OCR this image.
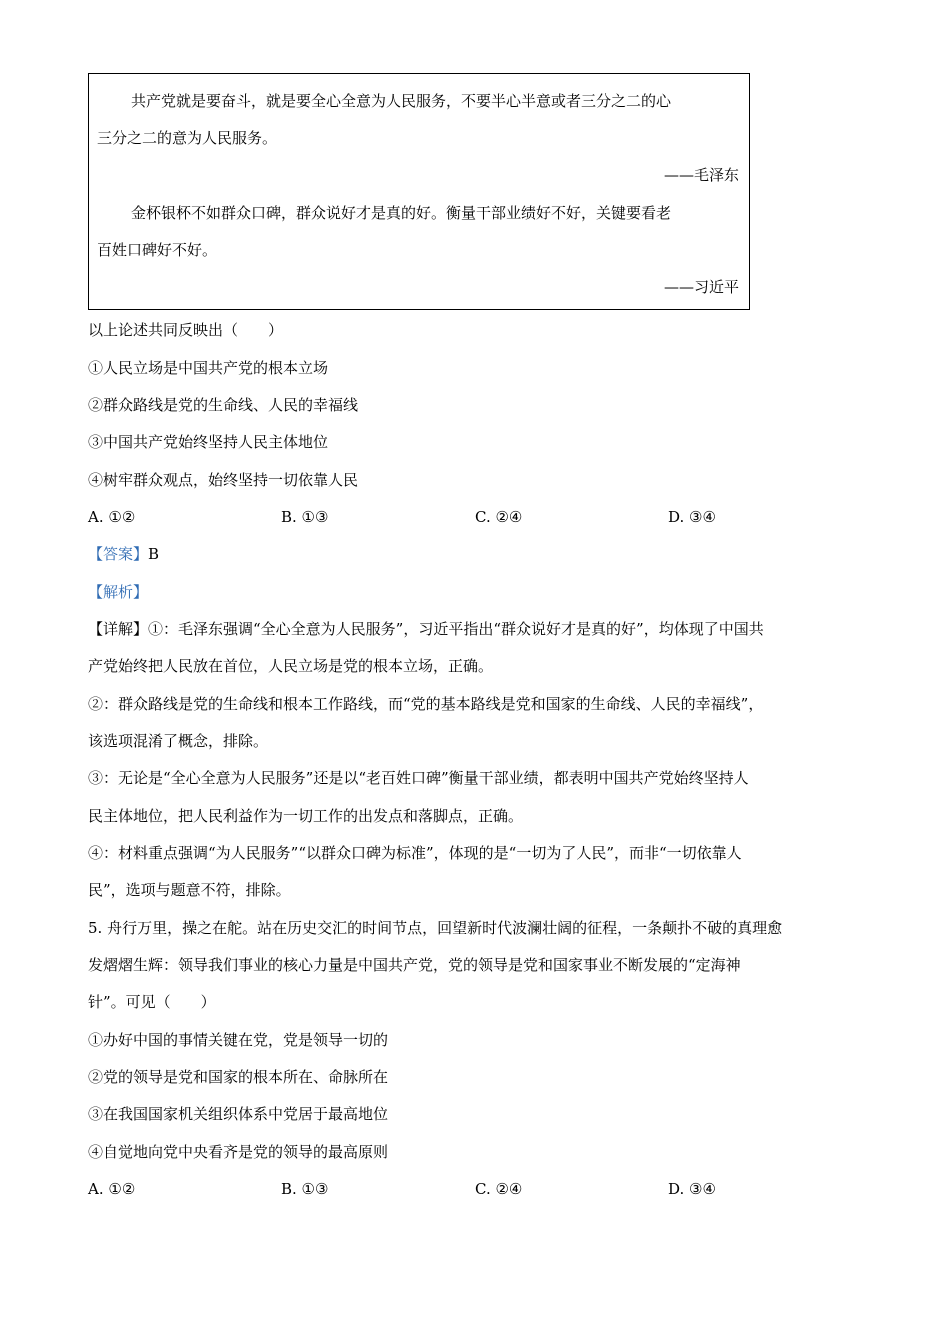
共产党就是要奋斗，就是要全心全意为人民服务，不要半心半意或者三分之二的心
三分之二的意为人民服务。
——毛泽东
金杯银杯不如群众口碑，群众说好才是真的好。衡量干部业绩好不好，关键要看老
百姓口碑好不好。
——习近平
以上论述共同反映出（　　）
①人民立场是中国共产党的根本立场
②群众路线是党的生命线、人民的幸福线
③中国共产党始终坚持人民主体地位
④树牢群众观点，始终坚持一切依靠人民
A. ①②	B. ①③	C. ②④	D. ③④
【答案】B
【解析】
【详解】①：毛泽东强调“全心全意为人民服务”，习近平指出“群众说好才是真的好”，均体现了中国共
产党始终把人民放在首位，人民立场是党的根本立场，正确。
②：群众路线是党的生命线和根本工作路线，而“党的基本路线是党和国家的生命线、人民的幸福线”，
该选项混淆了概念，排除。
③：无论是“全心全意为人民服务”还是以“老百姓口碑”衡量干部业绩，都表明中国共产党始终坚持人
民主体地位，把人民利益作为一切工作的出发点和落脚点，正确。
④：材料重点强调“为人民服务”“以群众口碑为标准”，体现的是“一切为了人民”，而非“一切依靠人
民”，选项与题意不符，排除。
5. 舟行万里，操之在舵。站在历史交汇的时间节点，回望新时代波澜壮阔的征程，一条颠扑不破的真理愈
发熠熠生辉：领导我们事业的核心力量是中国共产党，党的领导是党和国家事业不断发展的“定海神
针”。可见（　　）
①办好中国的事情关键在党，党是领导一切的
②党的领导是党和国家的根本所在、命脉所在
③在我国国家机关组织体系中党居于最高地位
④自觉地向党中央看齐是党的领导的最高原则
A. ①②	B. ①③	C. ②④	D. ③④
